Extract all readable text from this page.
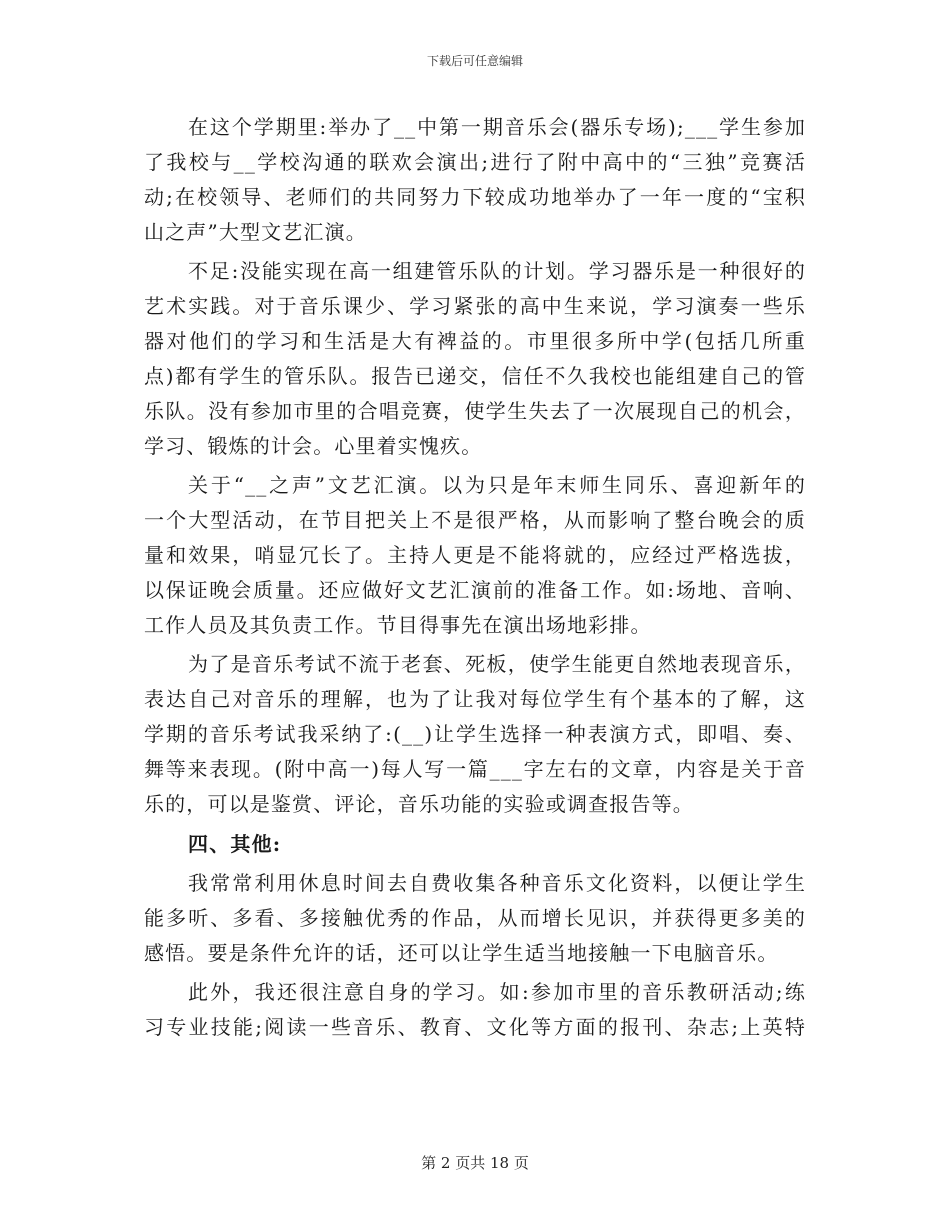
下载后可任意编辑
在这个学期里:举办了__中第一期音乐会(器乐专场);___学生参加
了我校与__学校沟通的联欢会演出;进行了附中高中的“三独”竞赛活
动;在校领导、老师们的共同努力下较成功地举办了一年一度的“宝积
山之声”大型文艺汇演。
不足:没能实现在高一组建管乐队的计划。学习器乐是一种很好的
艺术实践。对于音乐课少、学习紧张的高中生来说，学习演奏一些乐
器对他们的学习和生活是大有裨益的。市里很多所中学(包括几所重
点)都有学生的管乐队。报告已递交，信任不久我校也能组建自己的管
乐队。没有参加市里的合唱竞赛，使学生失去了一次展现自己的机会，
学习、锻炼的计会。心里着实愧疚。
关于“__之声”文艺汇演。以为只是年末师生同乐、喜迎新年的
一个大型活动，在节目把关上不是很严格，从而影响了整台晚会的质
量和效果，哨显冗长了。主持人更是不能将就的，应经过严格选拔，
以保证晚会质量。还应做好文艺汇演前的准备工作。如:场地、音响、
工作人员及其负责工作。节目得事先在演出场地彩排。
为了是音乐考试不流于老套、死板，使学生能更自然地表现音乐，
表达自己对音乐的理解，也为了让我对每位学生有个基本的了解，这
学期的音乐考试我采纳了:(__)让学生选择一种表演方式，即唱、奏、
舞等来表现。(附中高一)每人写一篇___字左右的文章，内容是关于音
乐的，可以是鉴赏、评论，音乐功能的实验或调查报告等。
四、其他:
我常常利用休息时间去自费收集各种音乐文化资料，以便让学生
能多听、多看、多接触优秀的作品，从而增长见识，并获得更多美的
感悟。要是条件允许的话，还可以让学生适当地接触一下电脑音乐。
此外，我还很注意自身的学习。如:参加市里的音乐教研活动;练
习专业技能;阅读一些音乐、教育、文化等方面的报刊、杂志;上英特
第 2 页共 18 页
